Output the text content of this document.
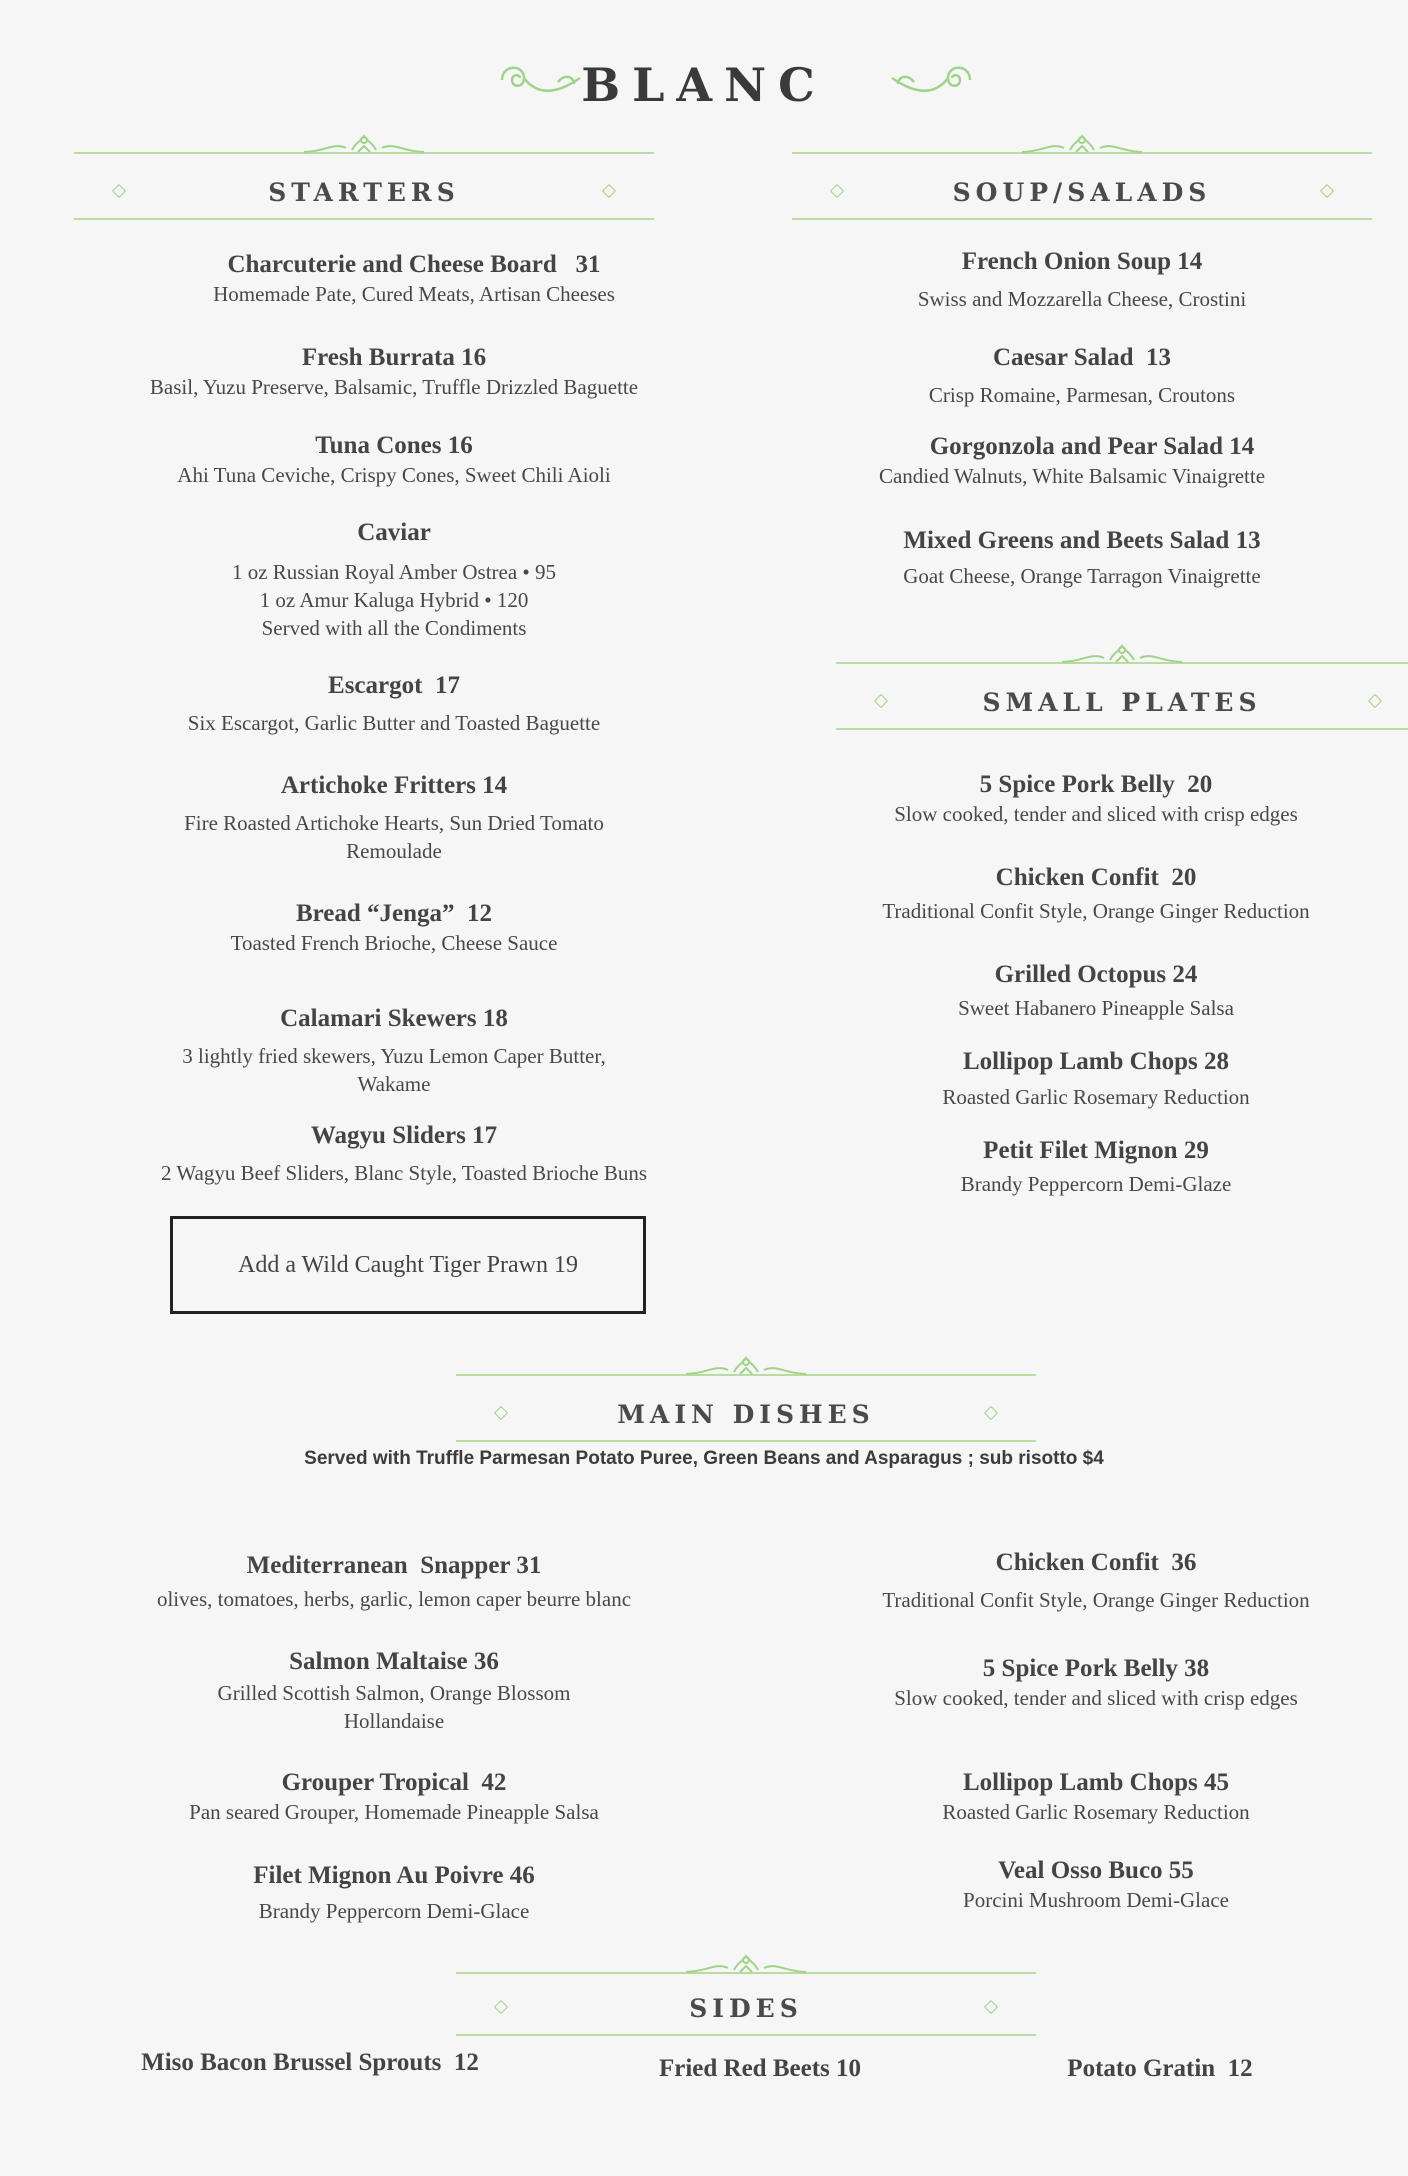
BLANC
STARTERS	SOUP/SALADS
Charcuterie and Cheese Board   31
Homemade Pate, Cured Meats, Artisan Cheeses
Fresh Burrata 16
Basil, Yuzu Preserve, Balsamic, Truffle Drizzled Baguette
Tuna Cones 16
Ahi Tuna Ceviche, Crispy Cones, Sweet Chili Aioli
Caviar
1 oz Russian Royal Amber Ostrea • 95
1 oz Amur Kaluga Hybrid • 120
Served with all the Condiments
Escargot  17
Six Escargot, Garlic Butter and Toasted Baguette
Artichoke Fritters 14
Fire Roasted Artichoke Hearts, Sun Dried Tomato
Remoulade
Bread “Jenga”  12
Toasted French Brioche, Cheese Sauce
Calamari Skewers 18
3 lightly fried skewers, Yuzu Lemon Caper Butter,
Wakame
Wagyu Sliders 17
2 Wagyu Beef Sliders, Blanc Style, Toasted Brioche Buns
Add a Wild Caught Tiger Prawn 19
French Onion Soup 14
Swiss and Mozzarella Cheese, Crostini
Caesar Salad  13
Crisp Romaine, Parmesan, Croutons
Gorgonzola and Pear Salad 14
Candied Walnuts, White Balsamic Vinaigrette
Mixed Greens and Beets Salad 13
Goat Cheese, Orange Tarragon Vinaigrette
SMALL PLATES
5 Spice Pork Belly  20
Slow cooked, tender and sliced with crisp edges
Chicken Confit  20
Traditional Confit Style, Orange Ginger Reduction
Grilled Octopus 24
Sweet Habanero Pineapple Salsa
Lollipop Lamb Chops 28
Roasted Garlic Rosemary Reduction
Petit Filet Mignon 29
Brandy Peppercorn Demi-Glaze
MAIN DISHES
Served with Truffle Parmesan Potato Puree, Green Beans and Asparagus ; sub risotto $4
Mediterranean  Snapper 31
olives, tomatoes, herbs, garlic, lemon caper beurre blanc
Salmon Maltaise 36
Grilled Scottish Salmon, Orange Blossom
Hollandaise
Grouper Tropical  42
Pan seared Grouper, Homemade Pineapple Salsa
Filet Mignon Au Poivre 46
Brandy Peppercorn Demi-Glace
Chicken Confit  36
Traditional Confit Style, Orange Ginger Reduction
5 Spice Pork Belly 38
Slow cooked, tender and sliced with crisp edges
Lollipop Lamb Chops 45
Roasted Garlic Rosemary Reduction
Veal Osso Buco 55
Porcini Mushroom Demi-Glace
SIDES
Miso Bacon Brussel Sprouts  12	Fried Red Beets 10	Potato Gratin  12
